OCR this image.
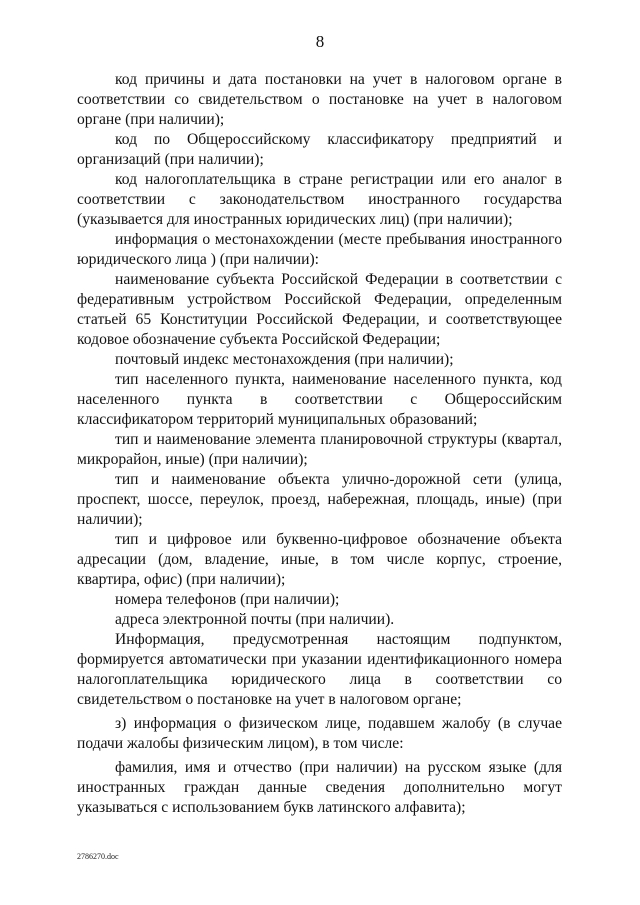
8

код причины и дата постановки на учет в налоговом органе в соответствии со свидетельством о постановке на учет в налоговом органе (при наличии);

код по Общероссийскому классификатору предприятий и организаций (при наличии);

код налогоплательщика в стране регистрации или его аналог в соответствии с законодательством иностранного государства (указывается для иностранных юридических лиц) (при наличии);

информация о местонахождении (месте пребывания иностранного юридического лица ) (при наличии):

наименование субъекта Российской Федерации в соответствии с федеративным устройством Российской Федерации, определенным статьей 65 Конституции Российской Федерации, и соответствующее кодовое обозначение субъекта Российской Федерации;

почтовый индекс местонахождения (при наличии);

тип населенного пункта, наименование населенного пункта, код населенного пункта в соответствии с Общероссийским классификатором территорий муниципальных образований;

тип и наименование элемента планировочной структуры (квартал, микрорайон, иные) (при наличии);

тип и наименование объекта улично-дорожной сети (улица, проспект, шоссе, переулок, проезд, набережная, площадь, иные) (при наличии);

тип и цифровое или буквенно-цифровое обозначение объекта адресации (дом, владение, иные, в том числе корпус, строение, квартира, офис) (при наличии);

номера телефонов (при наличии);

адреса электронной почты (при наличии).

Информация, предусмотренная настоящим подпунктом, формируется автоматически при указании идентификационного номера налогоплательщика юридического лица в соответствии со свидетельством о постановке на учет в налоговом органе;

з) информация о физическом лице, подавшем жалобу (в случае подачи жалобы физическим лицом), в том числе:

фамилия, имя и отчество (при наличии) на русском языке (для иностранных граждан данные сведения дополнительно могут указываться с использованием букв латинского алфавита);

2786270.doc
